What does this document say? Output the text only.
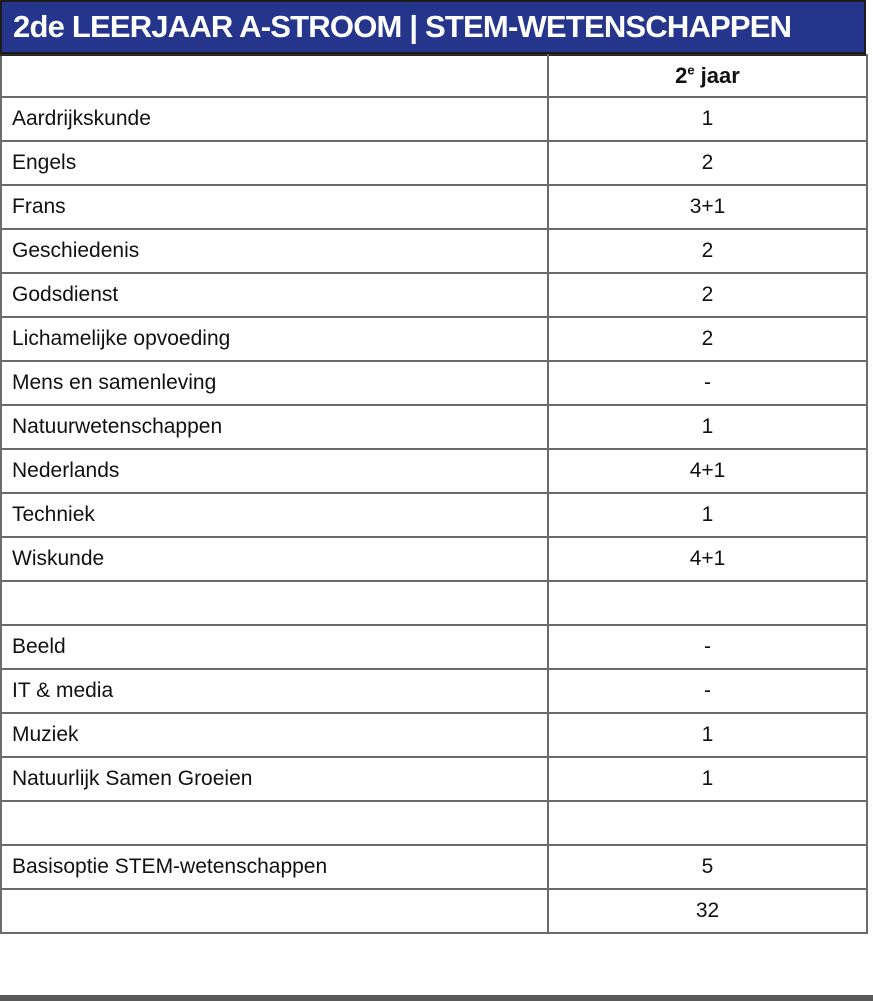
2de LEERJAAR A-STROOM | STEM-WETENSCHAPPEN
	2e jaar
Aardrijkskunde	1
Engels	2
Frans	3+1
Geschiedenis	2
Godsdienst	2
Lichamelijke opvoeding	2
Mens en samenleving	-
Natuurwetenschappen	1
Nederlands	4+1
Techniek	1
Wiskunde	4+1

Beeld	-
IT & media	-
Muziek	1
Natuurlijk Samen Groeien	1

Basisoptie STEM-wetenschappen	5
	32
